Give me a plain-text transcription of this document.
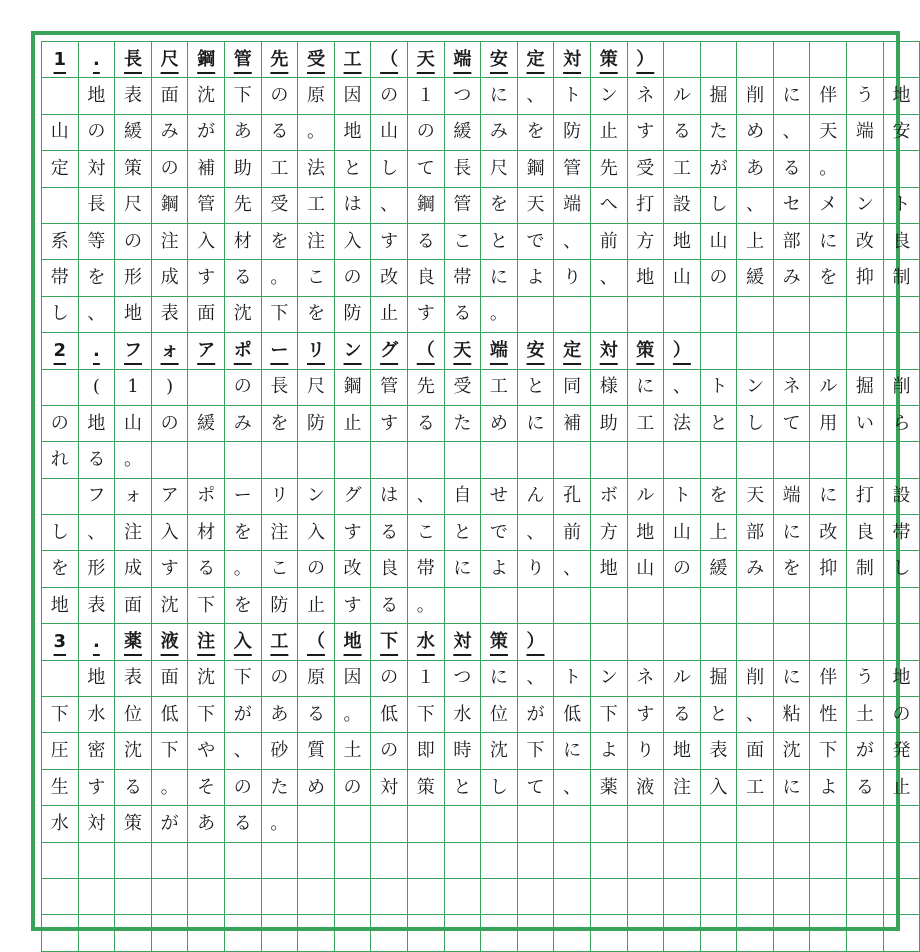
1	.	長	尺	鋼	管	先	受	工	（	天	端	安	定	対	策	）
地	表	面	沈	下	の	原	因	の	１	つ	に	、	ト	ン	ネ	ル	掘	削	に	伴	う	地
山	の	緩	み	が	あ	る	。	地	山	の	緩	み	を	防	止	す	る	た	め	、	天	端	安
定	対	策	の	補	助	工	法	と	し	て	長	尺	鋼	管	先	受	工	が	あ	る	。
長	尺	鋼	管	先	受	工	は	、	鋼	管	を	天	端	へ	打	設	し	、	セ	メ	ン	ト
系	等	の	注	入	材	を	注	入	す	る	こ	と	で	、	前	方	地	山	上	部	に	改	良
帯	を	形	成	す	る	。	こ	の	改	良	帯	に	よ	り	、	地	山	の	緩	み	を	抑	制
し	、	地	表	面	沈	下	を	防	止	す	る	。
2	.	フ	ォ	ア	ポ	ー	リ	ン	グ	（	天	端	安	定	対	策	）
(	1	)	の	長	尺	鋼	管	先	受	工	と	同	様	に	、	ト	ン	ネ	ル	掘	削
の	地	山	の	緩	み	を	防	止	す	る	た	め	に	補	助	工	法	と	し	て	用	い	ら
れ	る	。
フ	ォ	ア	ポ	ー	リ	ン	グ	は	、	自	せ	ん	孔	ボ	ル	ト	を	天	端	に	打	設
し	、	注	入	材	を	注	入	す	る	こ	と	で	、	前	方	地	山	上	部	に	改	良	帯
を	形	成	す	る	。	こ	の	改	良	帯	に	よ	り	、	地	山	の	緩	み	を	抑	制	し
地	表	面	沈	下	を	防	止	す	る	。
3	.	薬	液	注	入	工	（	地	下	水	対	策	）
地	表	面	沈	下	の	原	因	の	１	つ	に	、	ト	ン	ネ	ル	掘	削	に	伴	う	地
下	水	位	低	下	が	あ	る	。	低	下	水	位	が	低	下	す	る	と	、	粘	性	土	の
圧	密	沈	下	や	、	砂	質	土	の	即	時	沈	下	に	よ	り	地	表	面	沈	下	が	発
生	す	る	。	そ	の	た	め	の	対	策	と	し	て	、	薬	液	注	入	工	に	よ	る	止
水	対	策	が	あ	る	。
